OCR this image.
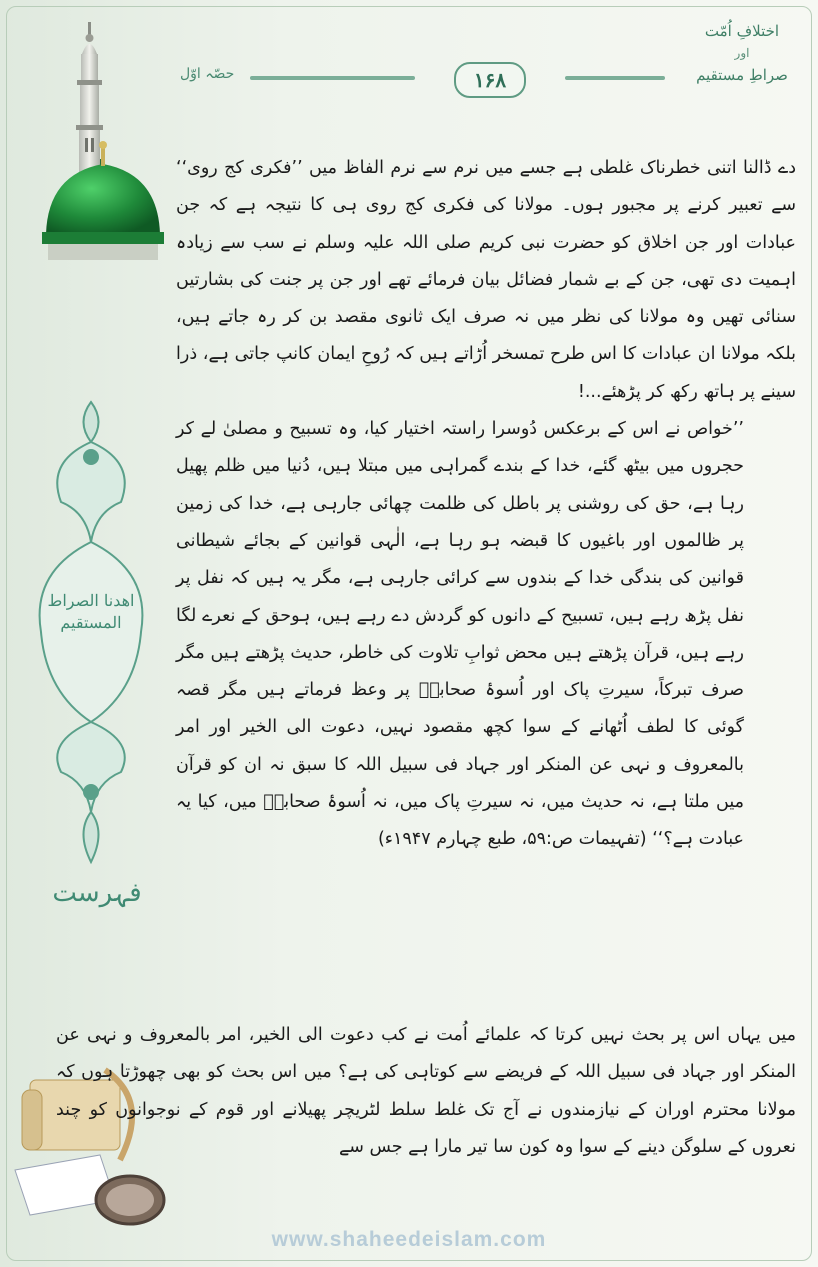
اختلافِ اُمّت
اور
صراطِ مستقیم
۱۶۸
حصّہ اوّل
اهدنا الصراط
المستقیم
فہرست

دے ڈالنا اتنی خطرناک غلطی ہے جسے میں نرم سے نرم الفاظ میں ’’فکری کج روی‘‘ سے تعبیر کرنے پر مجبور ہوں۔ مولانا کی فکری کج روی ہی کا نتیجہ ہے کہ جن عبادات اور جن اخلاق کو حضرت نبی کریم صلی اللہ علیہ وسلم نے سب سے زیادہ اہمیت دی تھی، جن کے بے شمار فضائل بیان فرمائے تھے اور جن پر جنت کی بشارتیں سنائی تھیں وہ مولانا کی نظر میں نہ صرف ایک ثانوی مقصد بن کر رہ جاتے ہیں، بلکہ مولانا ان عبادات کا اس طرح تمسخر اُڑاتے ہیں کہ رُوحِ ایمان کانپ جاتی ہے، ذرا سینے پر ہاتھ رکھ کر پڑھئے...!

’’خواص نے اس کے برعکس دُوسرا راستہ اختیار کیا، وہ تسبیح و مصلیٰ لے کر حجروں میں بیٹھ گئے، خدا کے بندے گمراہی میں مبتلا ہیں، دُنیا میں ظلم پھیل رہا ہے، حق کی روشنی پر باطل کی ظلمت چھائی جارہی ہے، خدا کی زمین پر ظالموں اور باغیوں کا قبضہ ہو رہا ہے، الٰہی قوانین کے بجائے شیطانی قوانین کی بندگی خدا کے بندوں سے کرائی جارہی ہے، مگر یہ ہیں کہ نفل پر نفل پڑھ رہے ہیں، تسبیح کے دانوں کو گردش دے رہے ہیں، ہوحق کے نعرے لگا رہے ہیں، قرآن پڑھتے ہیں محض ثوابِ تلاوت کی خاطر، حدیث پڑھتے ہیں مگر صرف تبرکاً، سیرتِ پاک اور اُسوۂ صحابہؓ پر وعظ فرماتے ہیں مگر قصہ گوئی کا لطف اُٹھانے کے سوا کچھ مقصود نہیں، دعوت الی الخیر اور امر بالمعروف و نہی عن المنکر اور جہاد فی سبیل اللہ کا سبق نہ ان کو قرآن میں ملتا ہے، نہ حدیث میں، نہ سیرتِ پاک میں، نہ اُسوۂ صحابہؓ میں، کیا یہ عبادت ہے؟‘‘ (تفہیمات ص:۵۹، طبع چہارم ۱۹۴۷ء)

میں یہاں اس پر بحث نہیں کرتا کہ علمائے اُمت نے کب دعوت الی الخیر، امر بالمعروف و نہی عن المنکر اور جہاد فی سبیل اللہ کے فریضے سے کوتاہی کی ہے؟ میں اس بحث کو بھی چھوڑتا ہوں کہ مولانا محترم اوران کے نیازمندوں نے آج تک غلط سلط لٹریچر پھیلانے اور قوم کے نوجوانوں کو چند نعروں کے سلوگن دینے کے سوا وہ کون سا تیر مارا ہے جس سے
www.shaheedeislam.com
